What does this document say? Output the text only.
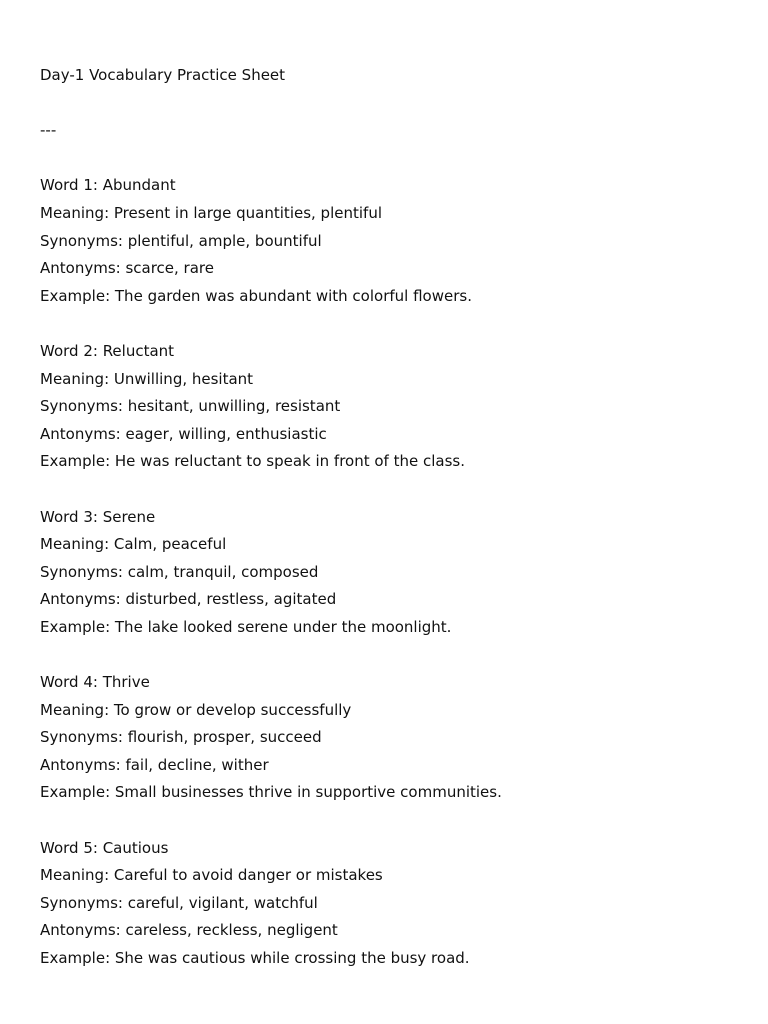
Day-1 Vocabulary Practice Sheet
---
Word 1: Abundant
Meaning: Present in large quantities, plentiful
Synonyms: plentiful, ample, bountiful
Antonyms: scarce, rare
Example: The garden was abundant with colorful flowers.
Word 2: Reluctant
Meaning: Unwilling, hesitant
Synonyms: hesitant, unwilling, resistant
Antonyms: eager, willing, enthusiastic
Example: He was reluctant to speak in front of the class.
Word 3: Serene
Meaning: Calm, peaceful
Synonyms: calm, tranquil, composed
Antonyms: disturbed, restless, agitated
Example: The lake looked serene under the moonlight.
Word 4: Thrive
Meaning: To grow or develop successfully
Synonyms: flourish, prosper, succeed
Antonyms: fail, decline, wither
Example: Small businesses thrive in supportive communities.
Word 5: Cautious
Meaning: Careful to avoid danger or mistakes
Synonyms: careful, vigilant, watchful
Antonyms: careless, reckless, negligent
Example: She was cautious while crossing the busy road.
